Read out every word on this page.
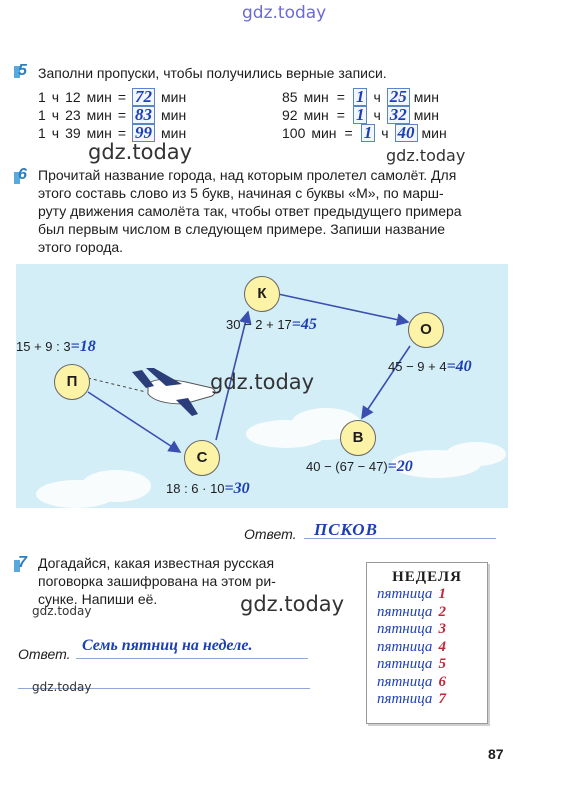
gdz.today
5 Заполни пропуски, чтобы получились верные записи.
1 ч 12 мин = 72 мин
1 ч 23 мин = 83 мин
1 ч 39 мин = 99 мин
85 мин = 1 ч 25 мин
92 мин = 1 ч 32 мин
100 мин = 1 ч 40 мин
gdz.today	gdz.today
6 Прочитай название города, над которым пролетел самолёт. Для
этого составь слово из 5 букв, начиная с буквы «М», по марш-
руту движения самолёта так, чтобы ответ предыдущего примера
был первым числом в следующем примере. Запиши название
этого города.
П
С
К
О
В
15 + 9 : 3=18
18 : 6 · 10=30
30 − 2 + 17=45
45 − 9 + 4=40
40 − (67 − 47)=20
gdz.today
Ответ. ПСКОВ
7 Догадайся, какая известная русская
поговорка зашифрована на этом ри-
сунке. Напиши её.
gdz.today	gdz.today
Ответ. Семь пятниц на неделе.
gdz.today
НЕДЕЛЯ
пятница 1
пятница 2
пятница 3
пятница 4
пятница 5
пятница 6
пятница 7
87
